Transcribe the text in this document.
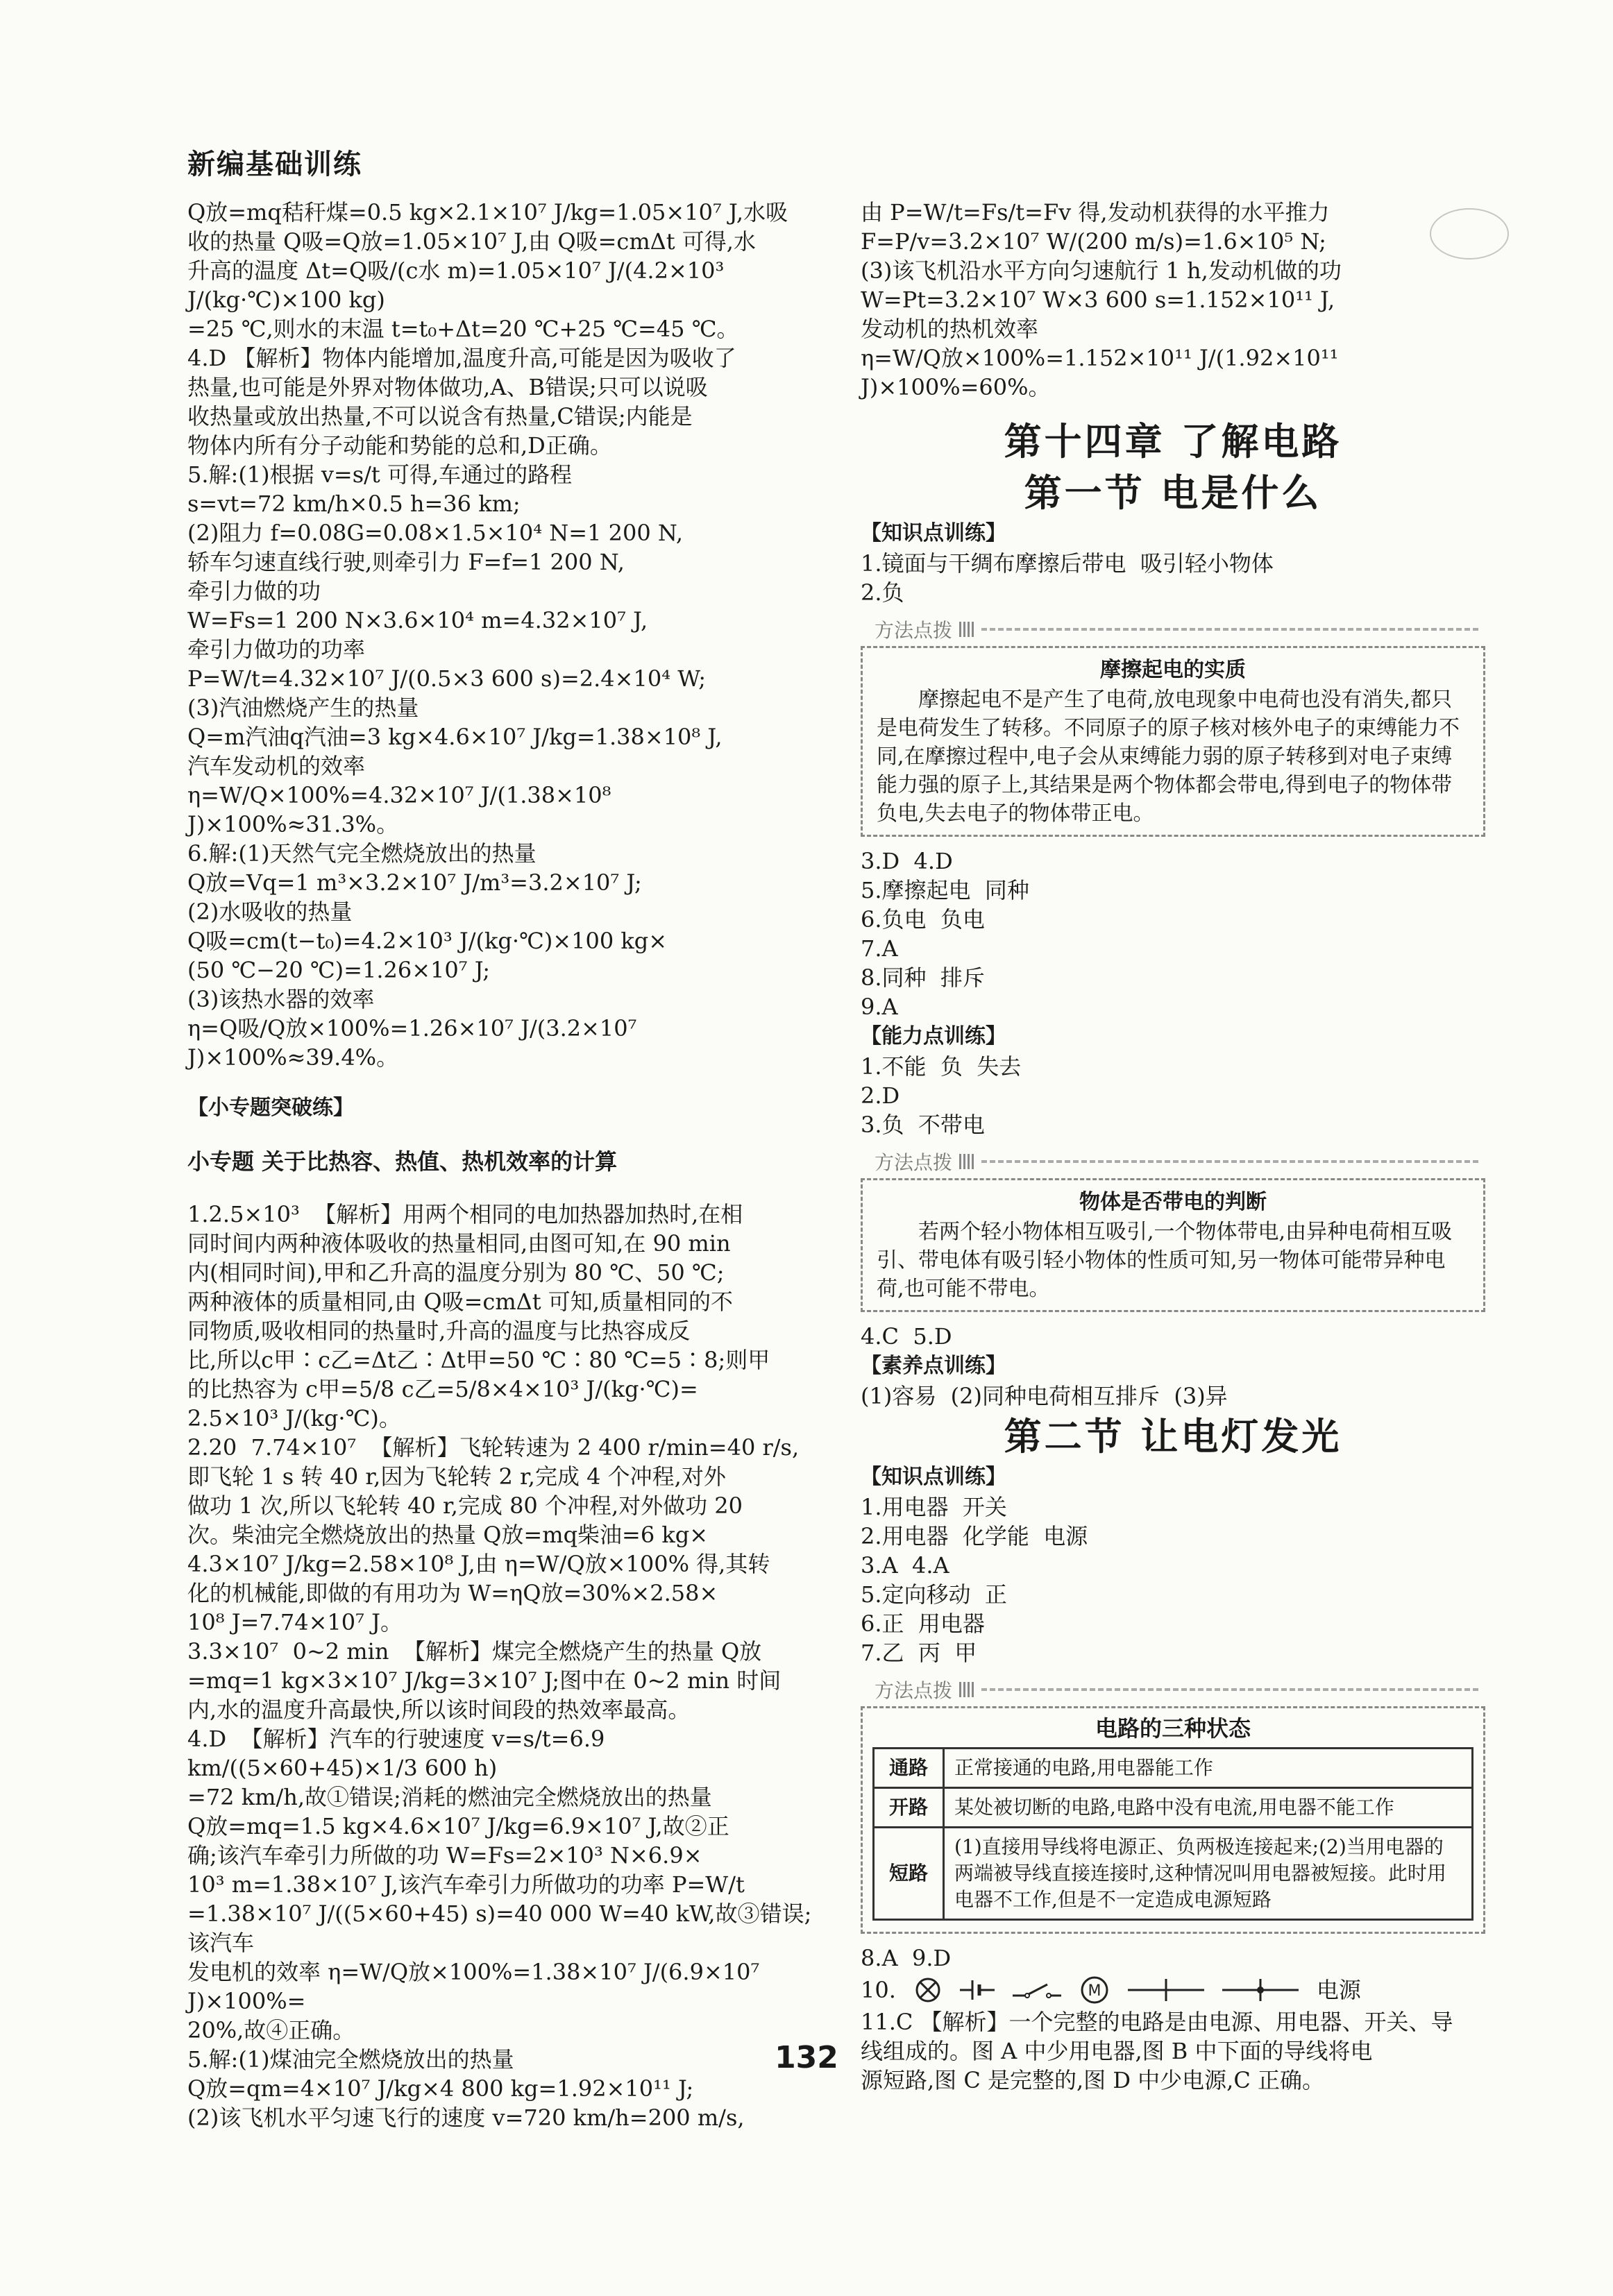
新编基础训练

Q放=mq秸秆煤=0.5 kg×2.1×10⁷ J/kg=1.05×10⁷ J,水吸

收的热量 Q吸=Q放=1.05×10⁷ J,由 Q吸=cmΔt 可得,水

升高的温度 Δt=Q吸/(c水 m)=1.05×10⁷ J/(4.2×10³ J/(kg·℃)×100 kg)

=25 ℃,则水的末温 t=t₀+Δt=20 ℃+25 ℃=45 ℃。

4.D 【解析】物体内能增加,温度升高,可能是因为吸收了

热量,也可能是外界对物体做功,A、B错误;只可以说吸

收热量或放出热量,不可以说含有热量,C错误;内能是

物体内所有分子动能和势能的总和,D正确。

5.解:(1)根据 v=s/t 可得,车通过的路程

s=vt=72 km/h×0.5 h=36 km;

(2)阻力 f=0.08G=0.08×1.5×10⁴ N=1 200 N,

轿车匀速直线行驶,则牵引力 F=f=1 200 N,

牵引力做的功

W=Fs=1 200 N×3.6×10⁴ m=4.32×10⁷ J,

牵引力做功的功率

P=W/t=4.32×10⁷ J/(0.5×3 600 s)=2.4×10⁴ W;

(3)汽油燃烧产生的热量

Q=m汽油q汽油=3 kg×4.6×10⁷ J/kg=1.38×10⁸ J,

汽车发动机的效率

η=W/Q×100%=4.32×10⁷ J/(1.38×10⁸ J)×100%≈31.3%。

6.解:(1)天然气完全燃烧放出的热量

Q放=Vq=1 m³×3.2×10⁷ J/m³=3.2×10⁷ J;

(2)水吸收的热量

Q吸=cm(t−t₀)=4.2×10³ J/(kg·℃)×100 kg×

(50 ℃−20 ℃)=1.26×10⁷ J;

(3)该热水器的效率

η=Q吸/Q放×100%=1.26×10⁷ J/(3.2×10⁷ J)×100%≈39.4%。

【小专题突破练】

小专题 关于比热容、热值、热机效率的计算

1.2.5×10³  【解析】用两个相同的电加热器加热时,在相

同时间内两种液体吸收的热量相同,由图可知,在 90 min

内(相同时间),甲和乙升高的温度分别为 80 ℃、50 ℃;

两种液体的质量相同,由 Q吸=cmΔt 可知,质量相同的不

同物质,吸收相同的热量时,升高的温度与比热容成反

比,所以c甲∶c乙=Δt乙∶Δt甲=50 ℃∶80 ℃=5∶8;则甲

的比热容为 c甲=5/8 c乙=5/8×4×10³ J/(kg·℃)=

2.5×10³ J/(kg·℃)。

2.20  7.74×10⁷  【解析】飞轮转速为 2 400 r/min=40 r/s,

即飞轮 1 s 转 40 r,因为飞轮转 2 r,完成 4 个冲程,对外

做功 1 次,所以飞轮转 40 r,完成 80 个冲程,对外做功 20

次。柴油完全燃烧放出的热量 Q放=mq柴油=6 kg×

4.3×10⁷ J/kg=2.58×10⁸ J,由 η=W/Q放×100% 得,其转

化的机械能,即做的有用功为 W=ηQ放=30%×2.58×

10⁸ J=7.74×10⁷ J。

3.3×10⁷  0~2 min  【解析】煤完全燃烧产生的热量 Q放

=mq=1 kg×3×10⁷ J/kg=3×10⁷ J;图中在 0~2 min 时间

内,水的温度升高最快,所以该时间段的热效率最高。

4.D  【解析】汽车的行驶速度 v=s/t=6.9 km/((5×60+45)×1/3 600 h)

=72 km/h,故①错误;消耗的燃油完全燃烧放出的热量

Q放=mq=1.5 kg×4.6×10⁷ J/kg=6.9×10⁷ J,故②正

确;该汽车牵引力所做的功 W=Fs=2×10³ N×6.9×

10³ m=1.38×10⁷ J,该汽车牵引力所做功的功率 P=W/t

=1.38×10⁷ J/((5×60+45) s)=40 000 W=40 kW,故③错误;该汽车

发电机的效率 η=W/Q放×100%=1.38×10⁷ J/(6.9×10⁷ J)×100%=

20%,故④正确。

5.解:(1)煤油完全燃烧放出的热量

Q放=qm=4×10⁷ J/kg×4 800 kg=1.92×10¹¹ J;

(2)该飞机水平匀速飞行的速度 v=720 km/h=200 m/s,

由 P=W/t=Fs/t=Fv 得,发动机获得的水平推力

F=P/v=3.2×10⁷ W/(200 m/s)=1.6×10⁵ N;

(3)该飞机沿水平方向匀速航行 1 h,发动机做的功

W=Pt=3.2×10⁷ W×3 600 s=1.152×10¹¹ J,

发动机的热机效率

η=W/Q放×100%=1.152×10¹¹ J/(1.92×10¹¹ J)×100%=60%。

第十四章 了解电路
第一节 电是什么
【知识点训练】

1.镜面与干绸布摩擦后带电  吸引轻小物体

2.负

方法点拨
摩擦起电的实质
摩擦起电不是产生了电荷,放电现象中电荷也没有消失,都只是电荷发生了转移。不同原子的原子核对核外电子的束缚能力不同,在摩擦过程中,电子会从束缚能力弱的原子转移到对电子束缚能力强的原子上,其结果是两个物体都会带电,得到电子的物体带负电,失去电子的物体带正电。

3.D  4.D

5.摩擦起电  同种

6.负电  负电

7.A

8.同种  排斥

9.A

【能力点训练】

1.不能  负  失去

2.D

3.负  不带电

方法点拨
物体是否带电的判断
若两个轻小物体相互吸引,一个物体带电,由异种电荷相互吸引、带电体有吸引轻小物体的性质可知,另一物体可能带异种电荷,也可能不带电。

4.C  5.D

【素养点训练】

(1)容易  (2)同种电荷相互排斥  (3)异

第二节 让电灯发光
【知识点训练】

1.用电器  开关

2.用电器  化学能  电源

3.A  4.A

5.定向移动  正

6.正  用电器

7.乙  丙  甲

方法点拨
电路的三种状态
通路	正常接通的电路,用电器能工作
开路	某处被切断的电路,电路中没有电流,用电器不能工作
短路	(1)直接用导线将电源正、负两极连接起来;(2)当用电器的两端被导线直接连接时,这种情况叫用电器被短接。此时用电器不工作,但是不一定造成电源短路

8.A  9.D

10.	M	电源

11.C 【解析】一个完整的电路是由电源、用电器、开关、导

线组成的。图 A 中少用电器,图 B 中下面的导线将电

源短路,图 C 是完整的,图 D 中少电源,C 正确。

132
